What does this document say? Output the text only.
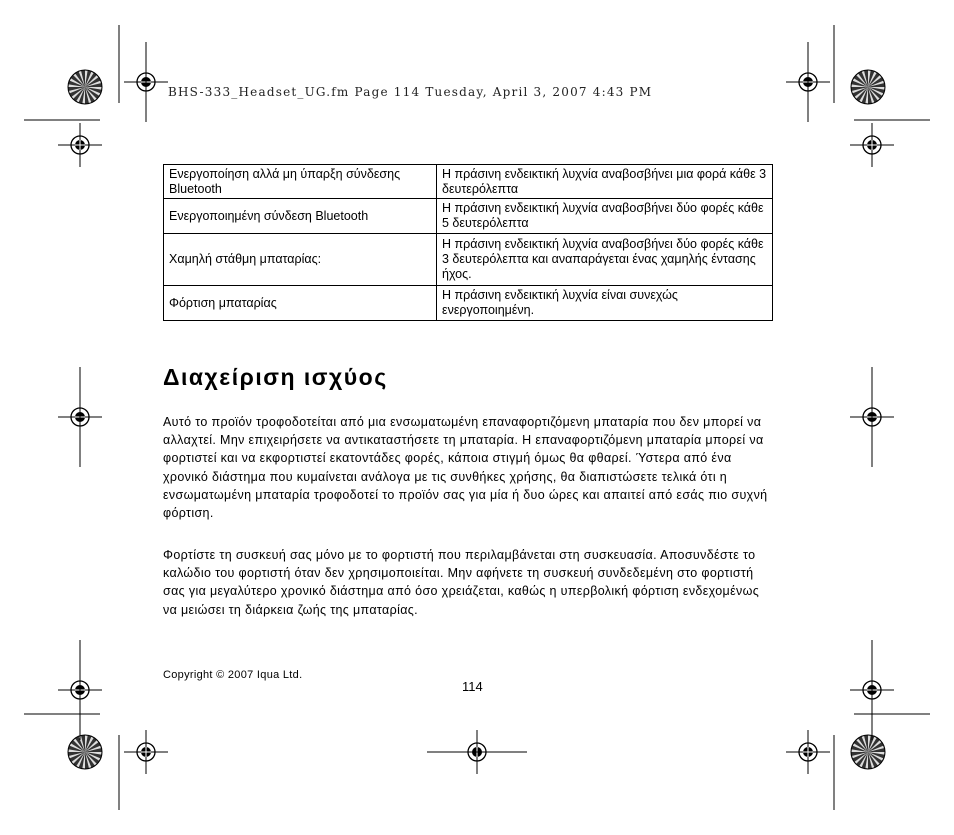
BHS-333_Headset_UG.fm Page 114 Tuesday, April 3, 2007 4:43 PM

Ενεργοποίηση αλλά μη ύπαρξη σύνδεσης Bluetooth	Η πράσινη ενδεικτική λυχνία αναβοσβήνει μια φορά κάθε 3 δευτερόλεπτα
Ενεργοποιημένη σύνδεση Bluetooth	Η πράσινη ενδεικτική λυχνία αναβοσβήνει δύο φορές κάθε 5 δευτερόλεπτα
Χαμηλή στάθμη μπαταρίας:	Η πράσινη ενδεικτική λυχνία αναβοσβήνει δύο φορές κάθε 3 δευτερόλεπτα και αναπαράγεται ένας χαμηλής έντασης ήχος.
Φόρτιση μπαταρίας	Η πράσινη ενδεικτική λυχνία είναι συνεχώς ενεργοποιημένη.
Διαχείριση ισχύος

Αυτό το προϊόν τροφοδοτείται από μια ενσωματωμένη επαναφορτιζόμενη μπαταρία που δεν μπορεί να αλλαχτεί. Μην επιχειρήσετε να αντικαταστήσετε τη μπαταρία. Η επαναφορτιζόμενη μπαταρία μπορεί να φορτιστεί και να εκφορτιστεί εκατοντάδες φορές, κάποια στιγμή όμως θα φθαρεί. Ύστερα από ένα χρονικό διάστημα που κυμαίνεται ανάλογα με τις συνθήκες χρήσης, θα διαπιστώσετε τελικά ότι η ενσωματωμένη μπαταρία τροφοδοτεί το προϊόν σας για μία ή δυο ώρες και απαιτεί από εσάς πιο συχνή φόρτιση.

Φορτίστε τη συσκευή σας μόνο με το φορτιστή που περιλαμβάνεται στη συσκευασία. Αποσυνδέστε το καλώδιο του φορτιστή όταν δεν χρησιμοποιείται. Μην αφήνετε τη συσκευή συνδεδεμένη στο φορτιστή σας για μεγαλύτερο χρονικό διάστημα από όσο χρειάζεται, καθώς η υπερβολική φόρτιση ενδεχομένως να μειώσει τη διάρκεια ζωής της μπαταρίας.

Copyright © 2007 Iqua Ltd.

114
